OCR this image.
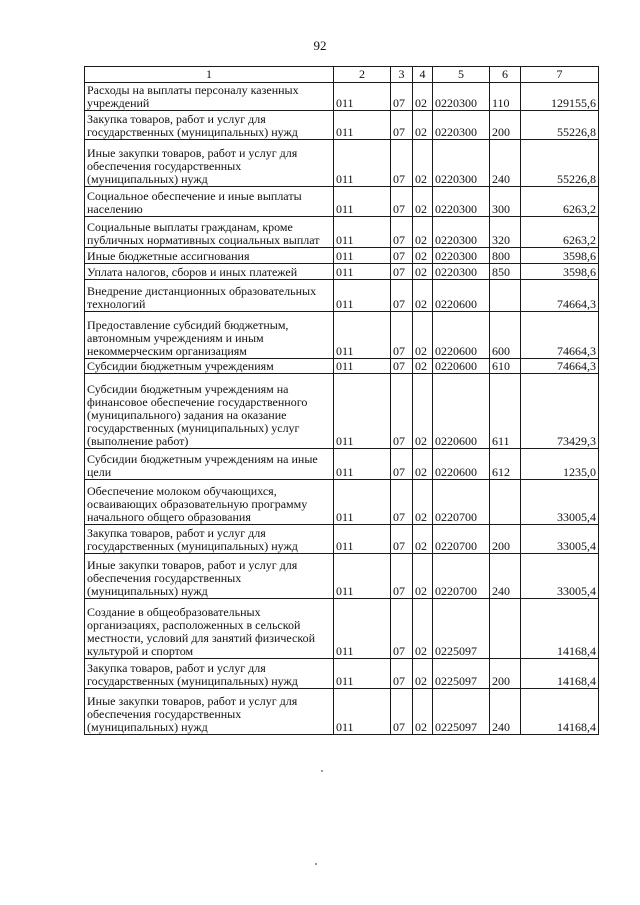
92
1	2	3	4	5	6	7
Расходы на выплаты персоналу казенных учреждений	011	07	02	0220300	110	129155,6
Закупка товаров, работ и услуг для государственных (муниципальных) нужд	011	07	02	0220300	200	55226,8
Иные закупки товаров, работ и услуг для обеспечения государственных (муниципальных) нужд	011	07	02	0220300	240	55226,8
Социальное обеспечение и иные выплаты населению	011	07	02	0220300	300	6263,2
Социальные выплаты гражданам, кроме публичных нормативных социальных выплат	011	07	02	0220300	320	6263,2
Иные бюджетные ассигнования	011	07	02	0220300	800	3598,6
Уплата налогов, сборов и иных платежей	011	07	02	0220300	850	3598,6
Внедрение дистанционных образовательных технологий	011	07	02	0220600		74664,3
Предоставление субсидий бюджетным, автономным учреждениям и иным некоммерческим организациям	011	07	02	0220600	600	74664,3
Субсидии бюджетным учреждениям	011	07	02	0220600	610	74664,3
Субсидии бюджетным учреждениям на финансовое обеспечение государственного (муниципального) задания на оказание государственных (муниципальных) услуг (выполнение работ)	011	07	02	0220600	611	73429,3
Субсидии бюджетным учреждениям на иные цели	011	07	02	0220600	612	1235,0
Обеспечение молоком обучающихся, осваивающих образовательную программу начального общего образования	011	07	02	0220700		33005,4
Закупка товаров, работ и услуг для государственных (муниципальных) нужд	011	07	02	0220700	200	33005,4
Иные закупки товаров, работ и услуг для обеспечения государственных (муниципальных) нужд	011	07	02	0220700	240	33005,4
Создание в общеобразовательных организациях, расположенных в сельской местности, условий для занятий физической культурой и спортом	011	07	02	0225097		14168,4
Закупка товаров, работ и услуг для государственных (муниципальных) нужд	011	07	02	0225097	200	14168,4
Иные закупки товаров, работ и услуг для обеспечения государственных (муниципальных) нужд	011	07	02	0225097	240	14168,4
